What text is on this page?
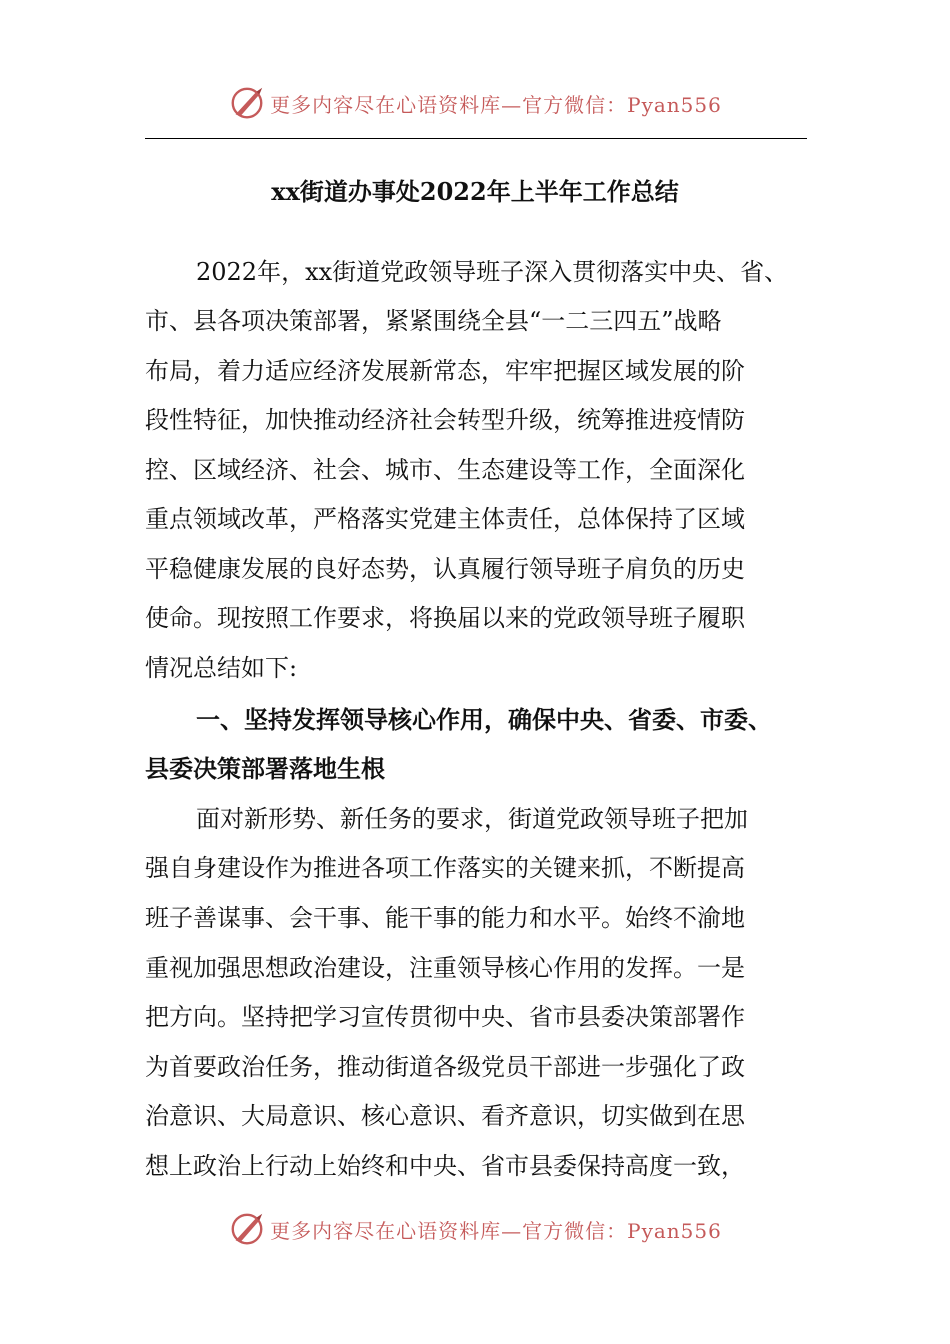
更多内容尽在心语资料库—官方微信：Pyan556
xx街道办事处2022年上半年工作总结
2022年，xx街道党政领导班子深入贯彻落实中央、省、
市、县各项决策部署，紧紧围绕全县“一二三四五”战略
布局，着力适应经济发展新常态，牢牢把握区域发展的阶
段性特征，加快推动经济社会转型升级，统筹推进疫情防
控、区域经济、社会、城市、生态建设等工作，全面深化
重点领域改革，严格落实党建主体责任，总体保持了区域
平稳健康发展的良好态势，认真履行领导班子肩负的历史
使命。现按照工作要求，将换届以来的党政领导班子履职
情况总结如下:
一、坚持发挥领导核心作用，确保中央、省委、市委、
县委决策部署落地生根
面对新形势、新任务的要求，街道党政领导班子把加
强自身建设作为推进各项工作落实的关键来抓，不断提高
班子善谋事、会干事、能干事的能力和水平。始终不渝地
重视加强思想政治建设，注重领导核心作用的发挥。一是
把方向。坚持把学习宣传贯彻中央、省市县委决策部署作
为首要政治任务，推动街道各级党员干部进一步强化了政
治意识、大局意识、核心意识、看齐意识，切实做到在思
想上政治上行动上始终和中央、省市县委保持高度一致，
更多内容尽在心语资料库—官方微信：Pyan556
